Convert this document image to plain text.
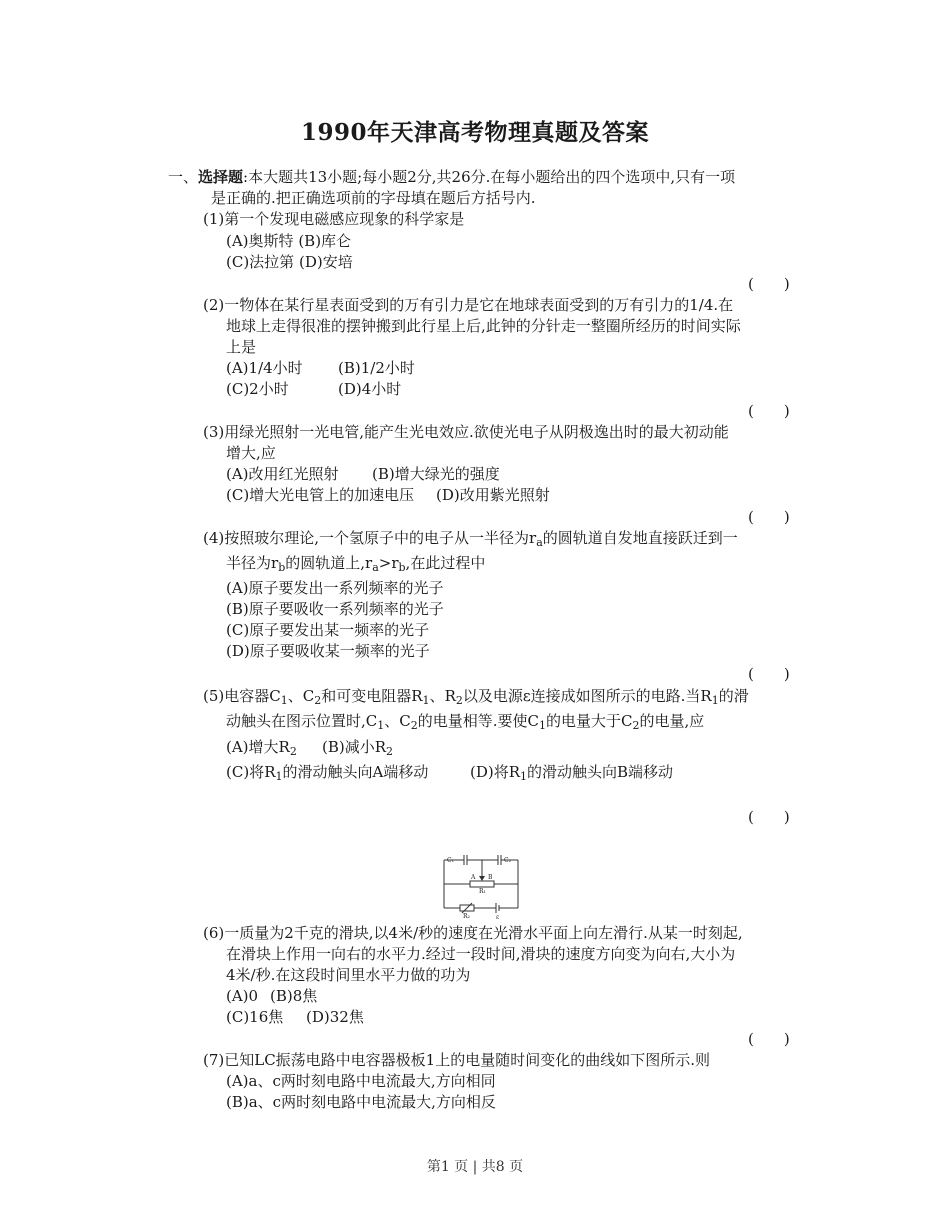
1990年天津高考物理真题及答案
一、选择题:本大题共13小题;每小题2分,共26分.在每小题给出的四个选项中,只有一项
是正确的.把正确选项前的字母填在题后方括号内.
(1)第一个发现电磁感应现象的科学家是
(A)奥斯特 (B)库仑
(C)法拉第 (D)安培
(　　)
(2)一物体在某行星表面受到的万有引力是它在地球表面受到的万有引力的1/4.在
地球上走得很准的摆钟搬到此行星上后,此钟的分针走一整圈所经历的时间实际
上是
(A)1/4小时 (B)1/2小时
(C)2小时	(D)4小时
(　　)
(3)用绿光照射一光电管,能产生光电效应.欲使光电子从阴极逸出时的最大初动能
增大,应
(A)改用红光照射 (B)增大绿光的强度
(C)增大光电管上的加速电压 (D)改用紫光照射
(　　)
(4)按照玻尔理论,一个氢原子中的电子从一半径为$r_a$的圆轨道自发地直接跃迁到一
半径为$r_b$的圆轨道上$,r_a>r_b$,在此过程中
(A)原子要发出一系列频率的光子
(B)原子要吸收一系列频率的光子
(C)原子要发出某一频率的光子
(D)原子要吸收某一频率的光子
(　　)
(5)电容器$C_1$、$C_2$和可变电阻器$R_1$、$R_2$以及电源ε连接成如图所示的电路.当$R_1$的滑
动触头在图示位置时$,C_1$、$C_2$的电量相等.要使$C_1$的电量大于$C_2$的电量,应
(A)增大$R_2$ (B)减小$R_2$
(C)将$R_1$的滑动触头向A端移动	(D)将$R_1$的滑动触头向B端移动
(　　)
C₁	C₂
A B
R₁
R₂	ε
(6)一质量为2千克的滑块,以4米/秒的速度在光滑水平面上向左滑行.从某一时刻起,
在滑块上作用一向右的水平力.经过一段时间,滑块的速度方向变为向右,大小为
4米/秒.在这段时间里水平力做的功为
(A)0 (B)8焦
(C)16焦 (D)32焦
(　　)
(7)已知LC振荡电路中电容器极板1上的电量随时间变化的曲线如下图所示.则
(A)a、c两时刻电路中电流最大,方向相同
(B)a、c两时刻电路中电流最大,方向相反
第1 页 | 共8 页
